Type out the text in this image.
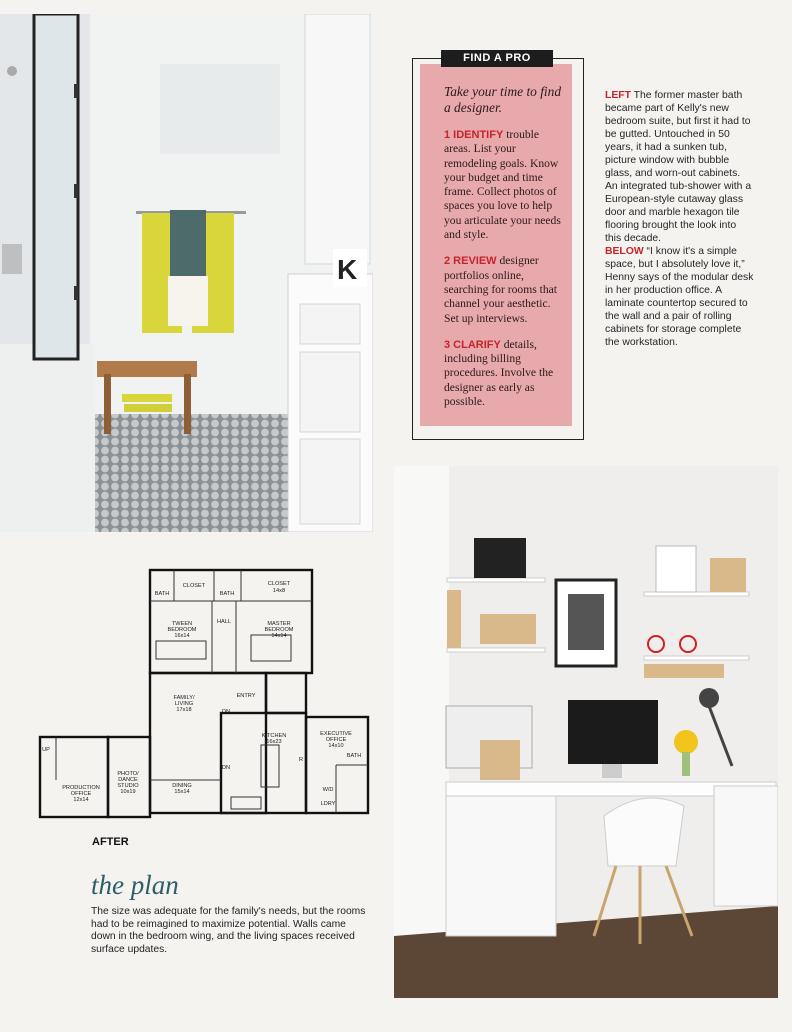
K
FIND A PRO
Take your time to find a designer.
1 IDENTIFY trouble areas. List your remodeling goals. Know your budget and time frame. Collect photos of spaces you love to help you articulate your needs and style.
2 REVIEW designer portfolios online, searching for rooms that channel your aesthetic. Set up interviews.
3 CLARIFY details, including billing procedures. Involve the designer as early as possible.

LEFT The former master bath became part of Kelly's new bedroom suite, but first it had to be gutted. Untouched in 50 years, it had a sunken tub, picture window with bubble glass, and worn-out cabinets. An integrated tub-shower with a European-style cutaway glass door and marble hexagon tile flooring brought the look into this decade.

BELOW “I know it's a simple space, but I absolutely love it,” Henny says of the modular desk in her production office. A laminate countertop secured to the wall and a pair of rolling cabinets for storage complete the workstation.

BATH
CLOSET
BATH
CLOSET
14x8
TWEEN
BEDROOM
16x14
HALL	MASTER
BEDROOM
14x14
FAMILY/
LIVING
17x18	DN
ENTRY
KITCHEN
16x23
R
EXECUTIVE
OFFICE
14x10
UP
PRODUCTION
OFFICE
12x14
PHOTO/
DANCE
STUDIO
10x19
DN
DINING
15x14
BATH
W/D
LDRY
AFTER
the plan
The size was adequate for the family's needs, but the rooms had to be reimagined to maximize potential. Walls came down in the bedroom wing, and the living spaces received surface updates.
